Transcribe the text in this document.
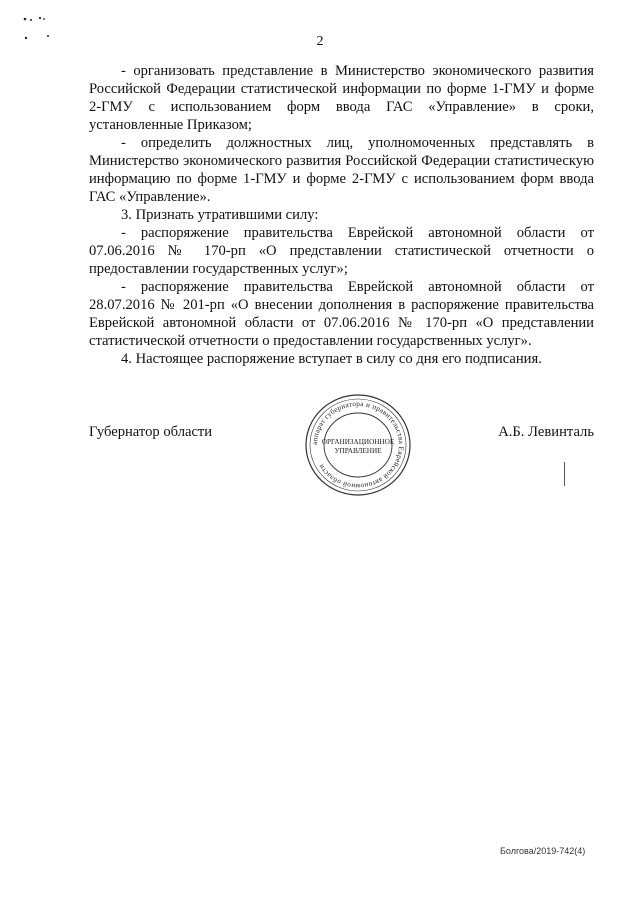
2

- организовать представление в Министерство экономического развития Российской Федерации статистической информации по форме 1-ГМУ и форме 2-ГМУ с использованием форм ввода ГАС «Управление» в сроки, установленные Приказом;

- определить должностных лиц, уполномоченных представлять в Министерство экономического развития Российской Федерации статистическую информацию по форме 1-ГМУ и форме 2-ГМУ с использованием форм ввода ГАС «Управление».

3. Признать утратившими силу:

- распоряжение правительства Еврейской автономной области от 07.06.2016 № 170-рп «О представлении статистической отчетности о предоставлении государственных услуг»;

- распоряжение правительства Еврейской автономной области от 28.07.2016 № 201-рп «О внесении дополнения в распоряжение правительства Еврейской автономной области от 07.06.2016 № 170-рп «О представлении статистической отчетности о предоставлении государственных услуг».

4. Настоящее распоряжение вступает в силу со дня его подписания.

Губернатор области	А.Б. Левинталь
аппарат губернатора и правительства Еврейской автономной области
ОРГАНИЗАЦИОННОЕ
УПРАВЛЕНИЕ
Болгова/2019-742(4)
